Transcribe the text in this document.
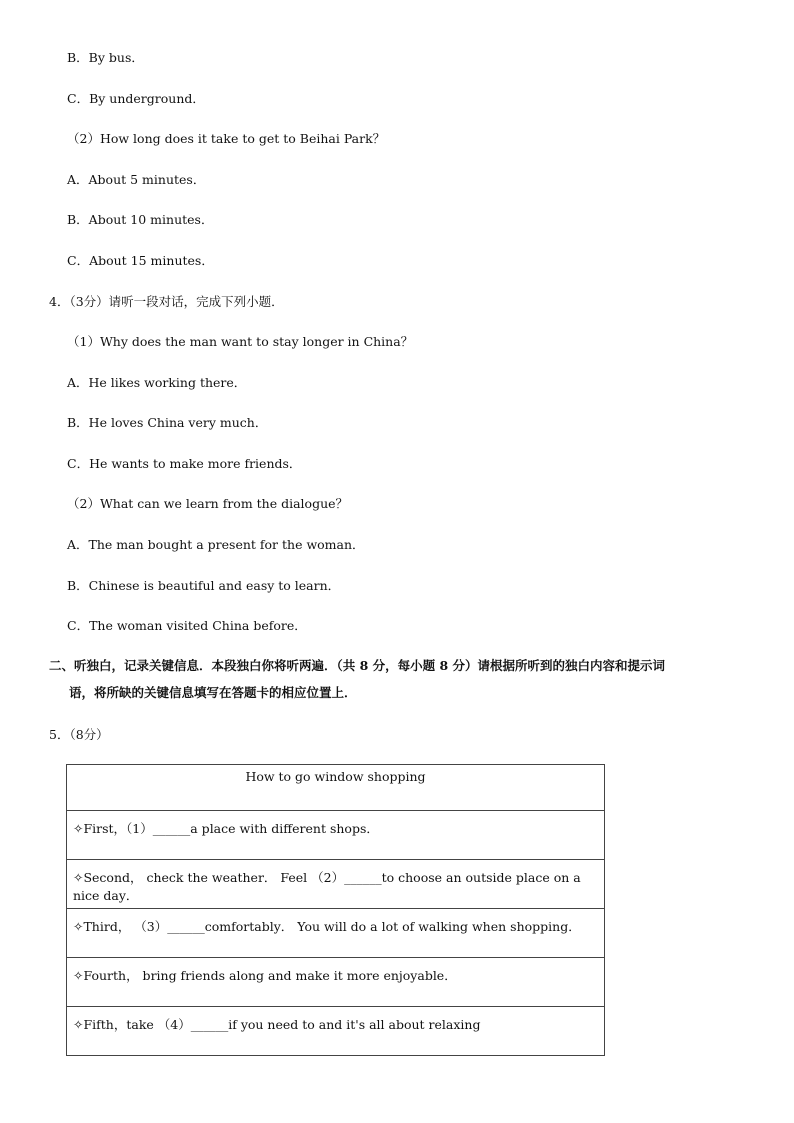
B．By bus．
C．By underground．
（2）How long does it take to get to Beihai Park？
A．About 5 minutes．
B．About 10 minutes．
C．About 15 minutes．
4．（3分）请听一段对话，完成下列小题．
（1）Why does the man want to stay longer in China？
A．He likes working there．
B．He loves China very much．
C．He wants to make more friends．
（2）What can we learn from the dialogue？
A．The man bought a present for the woman．
B．Chinese is beautiful and easy to learn．
C．The woman visited China before．
二、听独白，记录关键信息．本段独白你将听两遍．（共 8 分，每小题 8 分）请根据所听到的独白内容和提示词
语，将所缺的关键信息填写在答题卡的相应位置上．
5．（8分）
How to go window shopping
✧First，（1）______a place with different shops．
✧Second， check the weather． Feel （2）______to choose an outside place on a nice day．
✧Third， （3）______comfortably． You will do a lot of walking when shopping．
✧Fourth， bring friends along and make it more enjoyable．
✧Fifth，take （4）______if you need to and it's all about relaxing
